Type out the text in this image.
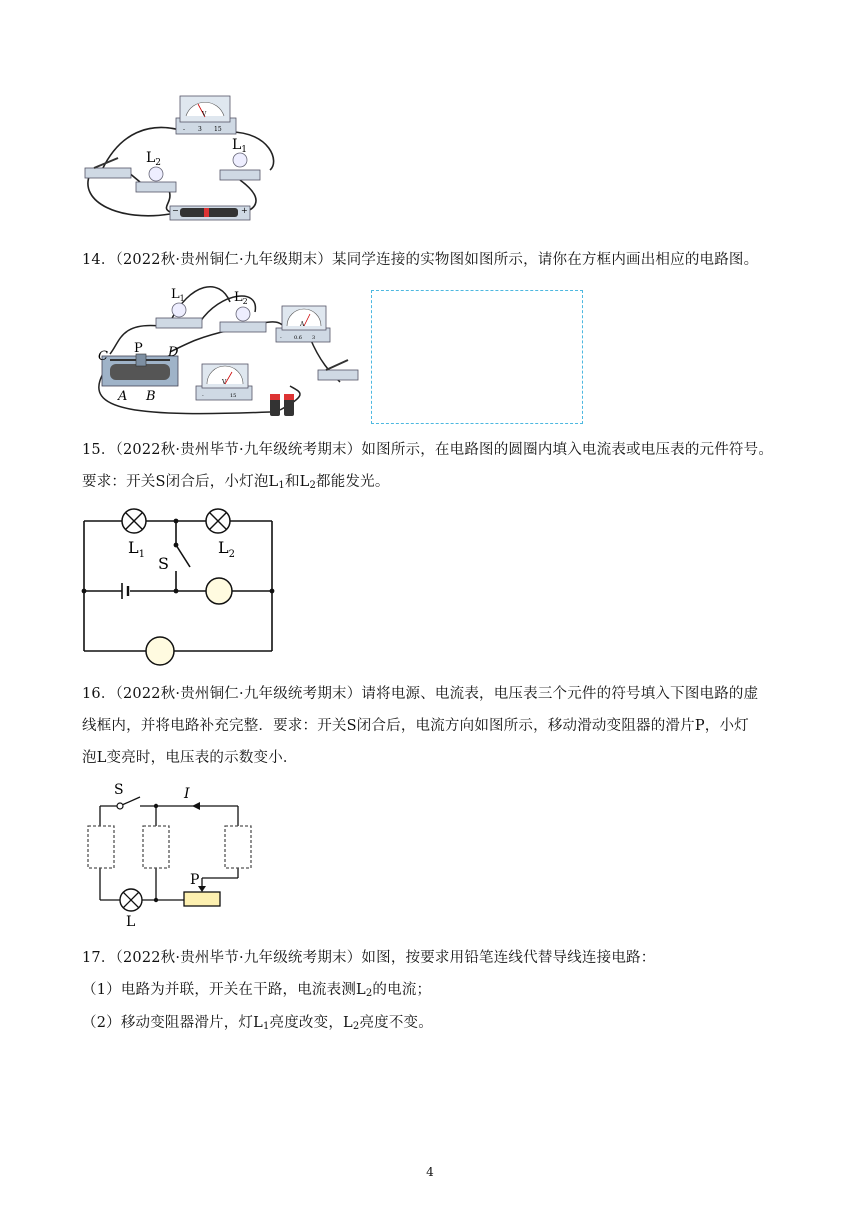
V
- 3 15
$L_2$
$L_1$
−	+
14．（2022秋·贵州铜仁·九年级期末）某同学连接的实物图如图所示，请你在方框内画出相应的电路图。
$L_1$	$L_2$
A
- 0.6 3
V
-	15
C
P D
A B
15．（2022秋·贵州毕节·九年级统考期末）如图所示，在电路图的圆圈内填入电流表或电压表的元件符号。
要求：开关S闭合后，小灯泡$L_1$和$L_2$都能发光。
$L_1$	$L_2$
S
16．（2022秋·贵州铜仁·九年级统考期末）请将电源、电流表，电压表三个元件的符号填入下图电路的虚
线框内，并将电路补充完整．要求：开关S闭合后，电流方向如图所示，移动滑动变阻器的滑片P，小灯
泡L变亮时，电压表的示数变小．
S	I
P
L
17．（2022秋·贵州毕节·九年级统考期末）如图，按要求用铅笔连线代替导线连接电路：
（1）电路为并联，开关在干路，电流表测$L_2$的电流；
（2）移动变阻器滑片，灯$L_1$亮度改变，$L_2$亮度不变。
4
